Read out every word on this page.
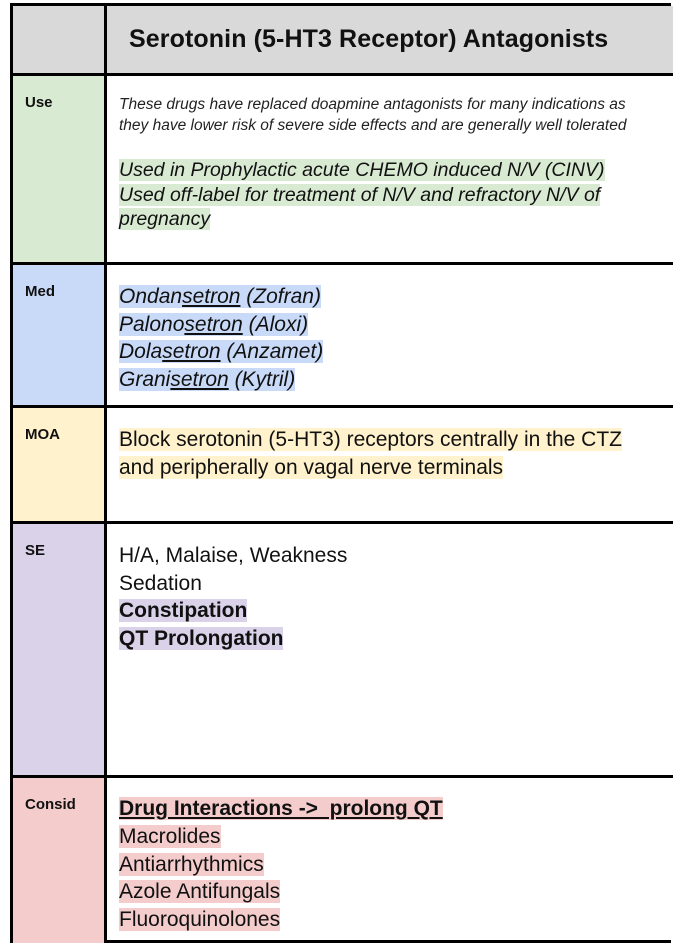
Serotonin (5-HT3 Receptor) Antagonists
Use	These drugs have replaced doapmine antagonists for many indications as they have lower risk of severe side effects and are generally well tolerated
Used in Prophylactic acute CHEMO induced N/V (CINV)
Used off-label for treatment of N/V and refractory N/V of pregnancy
Med	Ondansetron (Zofran)
Palonosetron (Aloxi)
Dolasetron (Anzamet)
Granisetron (Kytril)
MOA	Block serotonin (5-HT3) receptors centrally in the CTZ and peripherally on vagal nerve terminals
SE	H/A, Malaise, Weakness
Sedation
Constipation
QT Prolongation
Consid	Drug Interactions ->  prolong QT
Macrolides
Antiarrhythmics
Azole Antifungals
Fluoroquinolones
